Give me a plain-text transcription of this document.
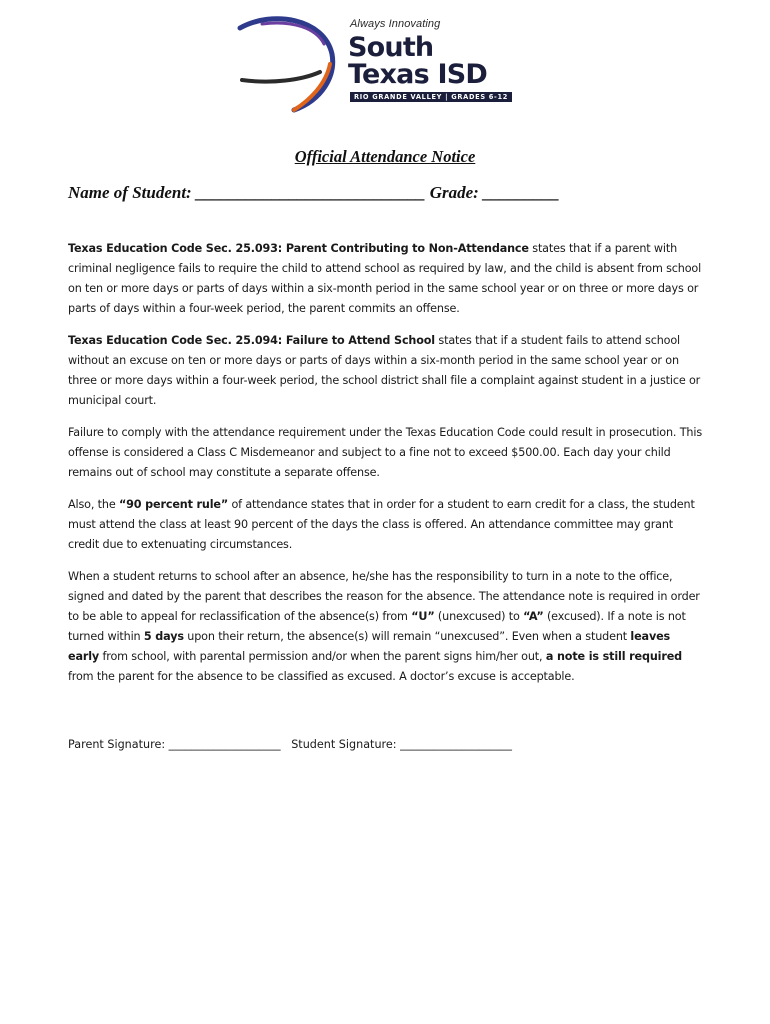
Always Innovating
South
Texas ISD
RIO GRANDE VALLEY | GRADES 6-12
Official Attendance Notice
Name of Student: ___________________________ Grade: _________

Texas Education Code Sec. 25.093: Parent Contributing to Non-Attendance states that if a parent with criminal negligence fails to require the child to attend school as required by law, and the child is absent from school on ten or more days or parts of days within a six-month period in the same school year or on three or more days or parts of days within a four-week period, the parent commits an offense.

Texas Education Code Sec. 25.094: Failure to Attend School states that if a student fails to attend school without an excuse on ten or more days or parts of days within a six-month period in the same school year or on three or more days within a four-week period, the school district shall file a complaint against student in a justice or municipal court.

Failure to comply with the attendance requirement under the Texas Education Code could result in prosecution. This offense is considered a Class C Misdemeanor and subject to a fine not to exceed $500.00. Each day your child remains out of school may constitute a separate offense.

Also, the “90 percent rule” of attendance states that in order for a student to earn credit for a class, the student must attend the class at least 90 percent of the days the class is offered. An attendance committee may grant credit due to extenuating circumstances.

When a student returns to school after an absence, he/she has the responsibility to turn in a note to the office, signed and dated by the parent that describes the reason for the absence. The attendance note is required in order to be able to appeal for reclassification of the absence(s) from “U” (unexcused) to “A” (excused). If a note is not turned within 5 days upon their return, the absence(s) will remain “unexcused”. Even when a student leaves early from school, with parental permission and/or when the parent signs him/her out, a note is still required from the parent for the absence to be classified as excused. A doctor’s excuse is acceptable.

Parent Signature: ____________________   Student Signature: ____________________
